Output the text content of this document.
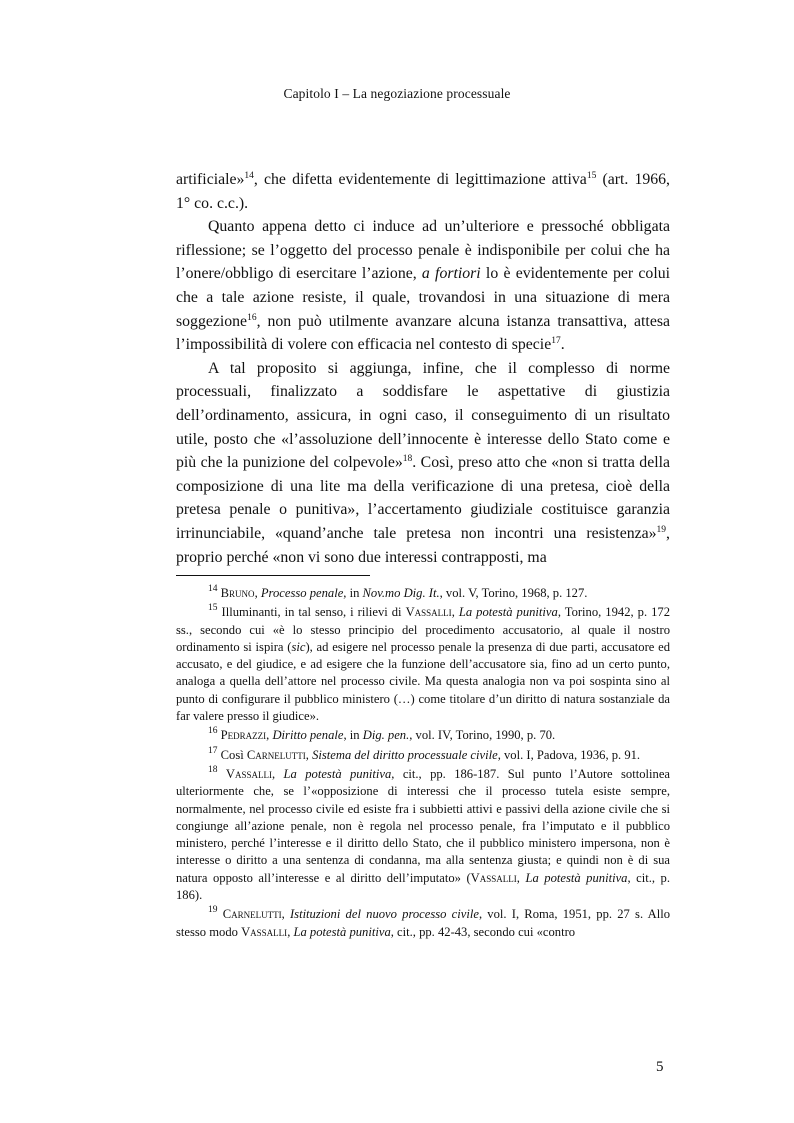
Capitolo I – La negoziazione processuale

artificiale»$^{14}$, che difetta evidentemente di legittimazione attiva$^{15}$ (art. 1966, 1° co. c.c.).

Quanto appena detto ci induce ad un’ulteriore e pressoché obbligata riflessione; se l’oggetto del processo penale è indisponibile per colui che ha l’onere/obbligo di esercitare l’azione, a fortiori lo è evidentemente per colui che a tale azione resiste, il quale, trovandosi in una situazione di mera soggezione$^{16}$, non può utilmente avanzare alcuna istanza transattiva, attesa l’impossibilità di volere con efficacia nel contesto di specie$^{17}$.

A tal proposito si aggiunga, infine, che il complesso di norme processuali, finalizzato a soddisfare le aspettative di giustizia dell’ordinamento, assicura, in ogni caso, il conseguimento di un risultato utile, posto che «l’assoluzione dell’innocente è interesse dello Stato come e più che la punizione del colpevole»$^{18}$. Così, preso atto che «non si tratta della composizione di una lite ma della verificazione di una pretesa, cioè della pretesa penale o punitiva», l’accertamento giudiziale costituisce garanzia irrinunciabile, «quand’anche tale pretesa non incontri una resistenza»$^{19}$, proprio perché «non vi sono due interessi contrapposti, ma

$^{14}$ Bruno, Processo penale, in Nov.mo Dig. It., vol. V, Torino, 1968, p. 127.

$^{15}$ Illuminanti, in tal senso, i rilievi di Vassalli, La potestà punitiva, Torino, 1942, p. 172 ss., secondo cui «è lo stesso principio del procedimento accusatorio, al quale il nostro ordinamento si ispira (sic), ad esigere nel processo penale la presenza di due parti, accusatore ed accusato, e del giudice, e ad esigere che la funzione dell’accusatore sia, fino ad un certo punto, analoga a quella dell’attore nel processo civile. Ma questa analogia non va poi sospinta sino al punto di configurare il pubblico ministero (…) come titolare d’un diritto di natura sostanziale da far valere presso il giudice».

$^{16}$ Pedrazzi, Diritto penale, in Dig. pen., vol. IV, Torino, 1990, p. 70.

$^{17}$ Così Carnelutti, Sistema del diritto processuale civile, vol. I, Padova, 1936, p. 91.

$^{18}$ Vassalli, La potestà punitiva, cit., pp. 186-187. Sul punto l’Autore sottolinea ulteriormente che, se l’«opposizione di interessi che il processo tutela esiste sempre, normalmente, nel processo civile ed esiste fra i subbietti attivi e passivi della azione civile che si congiunge all’azione penale, non è regola nel processo penale, fra l’imputato e il pubblico ministero, perché l’interesse e il diritto dello Stato, che il pubblico ministero impersona, non è interesse o diritto a una sentenza di condanna, ma alla sentenza giusta; e quindi non è di sua natura opposto all’interesse e al diritto dell’imputato» (Vassalli, La potestà punitiva, cit., p. 186).

$^{19}$ Carnelutti, Istituzioni del nuovo processo civile, vol. I, Roma, 1951, pp. 27 s. Allo stesso modo Vassalli, La potestà punitiva, cit., pp. 42-43, secondo cui «contro

5
